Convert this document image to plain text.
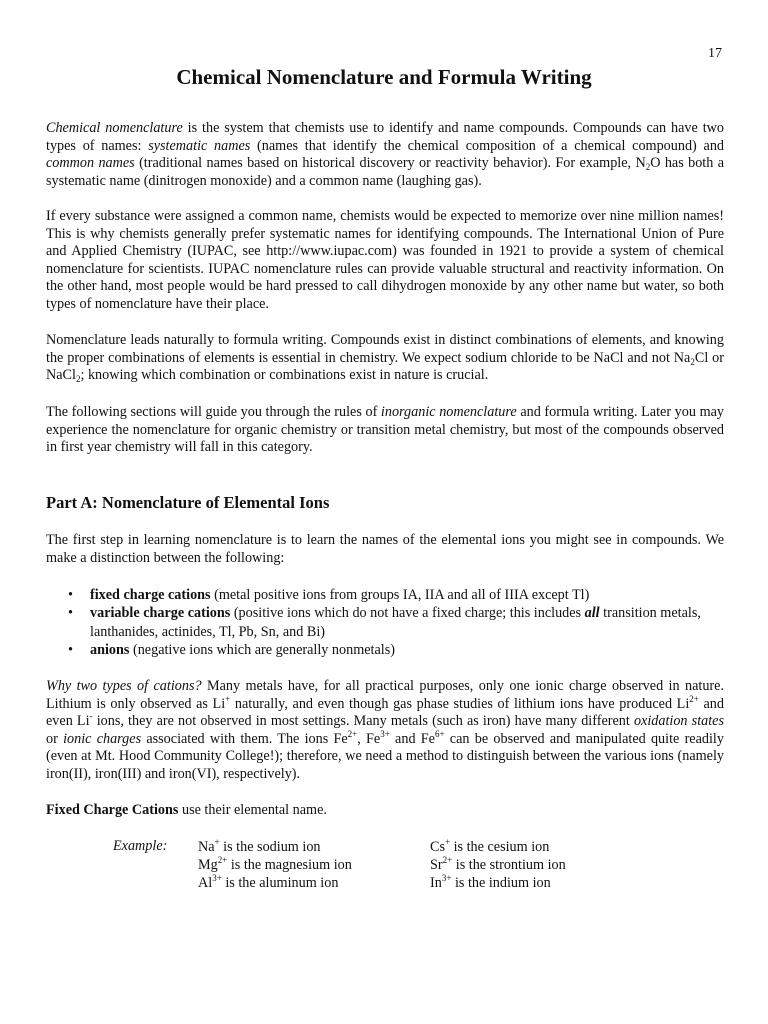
17
Chemical Nomenclature and Formula Writing

Chemical nomenclature is the system that chemists use to identify and name compounds. Compounds can have two types of names: systematic names (names that identify the chemical composition of a chemical compound) and common names (traditional names based on historical discovery or reactivity behavior). For example, $N_2O$ has both a systematic name (dinitrogen monoxide) and a common name (laughing gas).

If every substance were assigned a common name, chemists would be expected to memorize over nine million names! This is why chemists generally prefer systematic names for identifying compounds. The International Union of Pure and Applied Chemistry (IUPAC, see http://www.iupac.com) was founded in 1921 to provide a system of chemical nomenclature for scientists. IUPAC nomenclature rules can provide valuable structural and reactivity information. On the other hand, most people would be hard pressed to call dihydrogen monoxide by any other name but water, so both types of nomenclature have their place.

Nomenclature leads naturally to formula writing. Compounds exist in distinct combinations of elements, and knowing the proper combinations of elements is essential in chemistry. We expect sodium chloride to be NaCl and not $Na_2Cl$ or NaCl$_2$; knowing which combination or combinations exist in nature is crucial.

The following sections will guide you through the rules of inorganic nomenclature and formula writing. Later you may experience the nomenclature for organic chemistry or transition metal chemistry, but most of the compounds observed in first year chemistry will fall in this category.

Part A: Nomenclature of Elemental Ions

The first step in learning nomenclature is to learn the names of the elemental ions you might see in compounds. We make a distinction between the following:

• fixed charge cations (metal positive ions from groups IA, IIA and all of IIIA except Tl)
• variable charge cations (positive ions which do not have a fixed charge; this includes all transition metals, lanthanides, actinides, Tl, Pb, Sn, and Bi)
• anions (negative ions which are generally nonmetals)

Why two types of cations? Many metals have, for all practical purposes, only one ionic charge observed in nature. Lithium is only observed as Li+ naturally, and even though gas phase studies of lithium ions have produced $Li^{2+}$ and even Li- ions, they are not observed in most settings. Many metals (such as iron) have many different oxidation states or ionic charges associated with them. The ions $Fe^{2+}$, $Fe^{3+}$ and $Fe^{6+}$ can be observed and manipulated quite readily (even at Mt. Hood Community College!); therefore, we need a method to distinguish between the various ions (namely iron(II), iron(III) and iron(VI), respectively).

Fixed Charge Cations use their elemental name.

Example: Na+ is the sodium ion
$Mg^{2+}$ is the magnesium ion
$Al^{3+}$ is the aluminum ion
Cs+ is the cesium ion
$Sr^{2+}$ is the strontium ion
$In^{3+}$ is the indium ion
